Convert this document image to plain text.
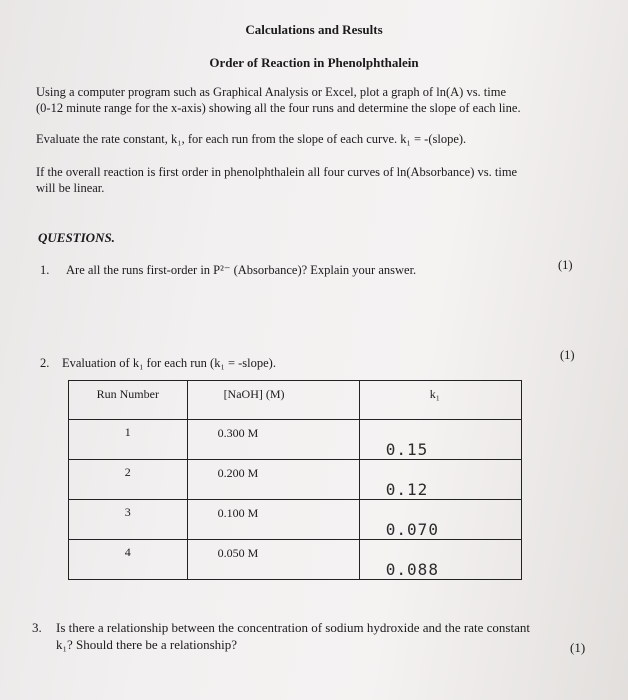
Calculations and Results
Order of Reaction in Phenolphthalein
Using a computer program such as Graphical Analysis or Excel, plot a graph of ln(A) vs. time
(0-12 minute range for the x-axis) showing all the four runs and determine the slope of each line.
Evaluate the rate constant, k₁, for each run from the slope of each curve. k₁ = -(slope).
If the overall reaction is first order in phenolphthalein all four curves of ln(Absorbance) vs. time
will be linear.
QUESTIONS.
1. Are all the runs first-order in P²⁻ (Absorbance)? Explain your answer.	(1)
2. Evaluation of k₁ for each run (k₁ = -slope).
(1)
Run Number	[NaOH] (M)	k₁
1	0.300 M	0.15

2	0.200 M	0.12

3	0.100 M	0.070

4	0.050 M	0.088
3. Is there a relationship between the concentration of sodium hydroxide and the rate constant
k₁? Should there be a relationship?	(1)
